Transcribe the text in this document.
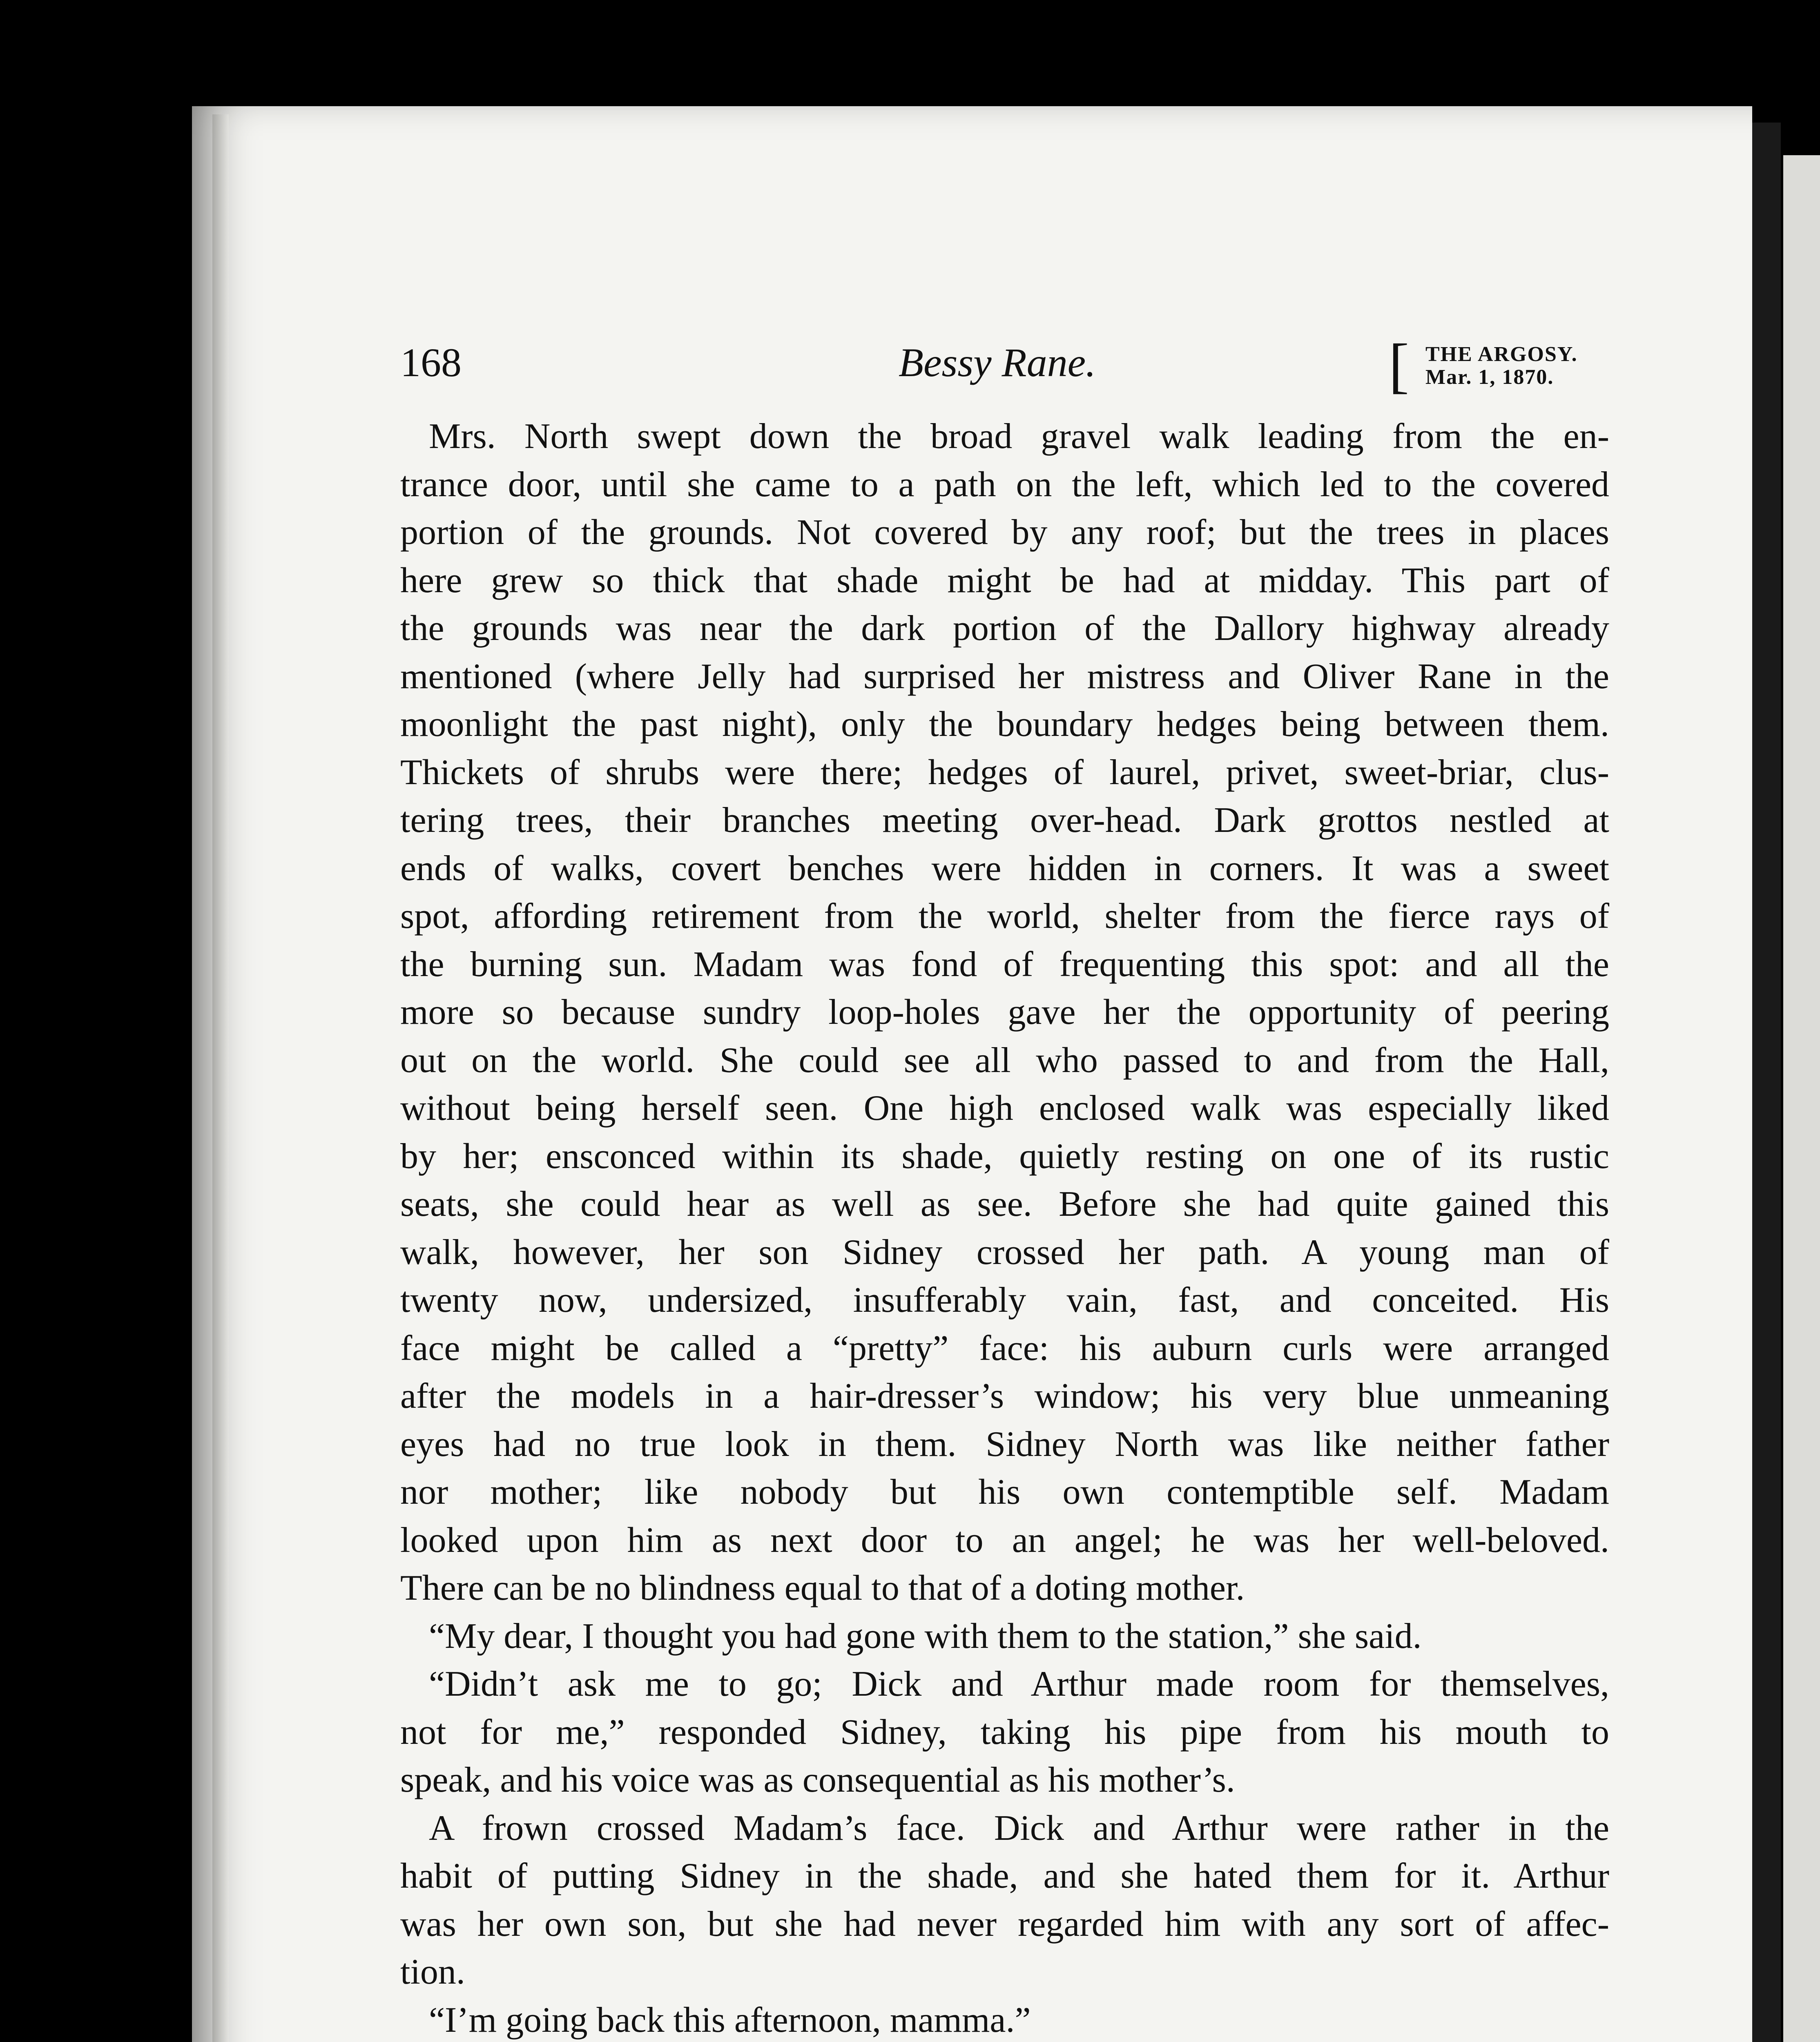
168	Bessy Rane.	[ THE ARGOSY.
Mar. 1, 1870.
Mrs. North swept down the broad gravel walk leading from the en-
trance door, until she came to a path on the left, which led to the covered
portion of the grounds. Not covered by any roof; but the trees in places
here grew so thick that shade might be had at midday. This part of
the grounds was near the dark portion of the Dallory highway already
mentioned (where Jelly had surprised her mistress and Oliver Rane in the
moonlight the past night), only the boundary hedges being between them.
Thickets of shrubs were there; hedges of laurel, privet, sweet-briar, clus-
tering trees, their branches meeting over-head. Dark grottos nestled at
ends of walks, covert benches were hidden in corners. It was a sweet
spot, affording retirement from the world, shelter from the fierce rays of
the burning sun. Madam was fond of frequenting this spot: and all the
more so because sundry loop-holes gave her the opportunity of peering
out on the world. She could see all who passed to and from the Hall,
without being herself seen. One high enclosed walk was especially liked
by her; ensconced within its shade, quietly resting on one of its rustic
seats, she could hear as well as see. Before she had quite gained this
walk, however, her son Sidney crossed her path. A young man of
twenty now, undersized, insufferably vain, fast, and conceited. His
face might be called a “pretty” face: his auburn curls were arranged
after the models in a hair-dresser’s window; his very blue unmeaning
eyes had no true look in them. Sidney North was like neither father
nor mother; like nobody but his own contemptible self. Madam
looked upon him as next door to an angel; he was her well-beloved.
There can be no blindness equal to that of a doting mother.
“My dear, I thought you had gone with them to the station,” she said.
“Didn’t ask me to go; Dick and Arthur made room for themselves,
not for me,” responded Sidney, taking his pipe from his mouth to
speak, and his voice was as consequential as his mother’s.
A frown crossed Madam’s face. Dick and Arthur were rather in the
habit of putting Sidney in the shade, and she hated them for it. Arthur
was her own son, but she had never regarded him with any sort of affec-
tion.
“I’m going back this afternoon, mamma.”
